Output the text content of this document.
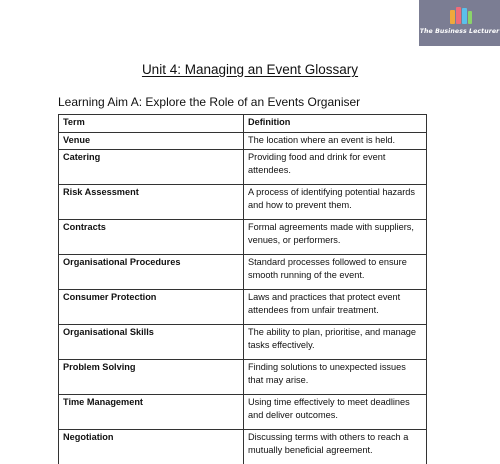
The Business Lecturer
Unit 4: Managing an Event Glossary
Learning Aim A: Explore the Role of an Events Organiser
Term	Definition
Venue	The location where an event is held.
Catering	Providing food and drink for event attendees.
Risk Assessment	A process of identifying potential hazards and how to prevent them.
Contracts	Formal agreements made with suppliers, venues, or performers.
Organisational Procedures	Standard processes followed to ensure smooth running of the event.
Consumer Protection	Laws and practices that protect event attendees from unfair treatment.
Organisational Skills	The ability to plan, prioritise, and manage tasks effectively.
Problem Solving	Finding solutions to unexpected issues that may arise.
Time Management	Using time effectively to meet deadlines and deliver outcomes.
Negotiation	Discussing terms with others to reach a mutually beneficial agreement.
